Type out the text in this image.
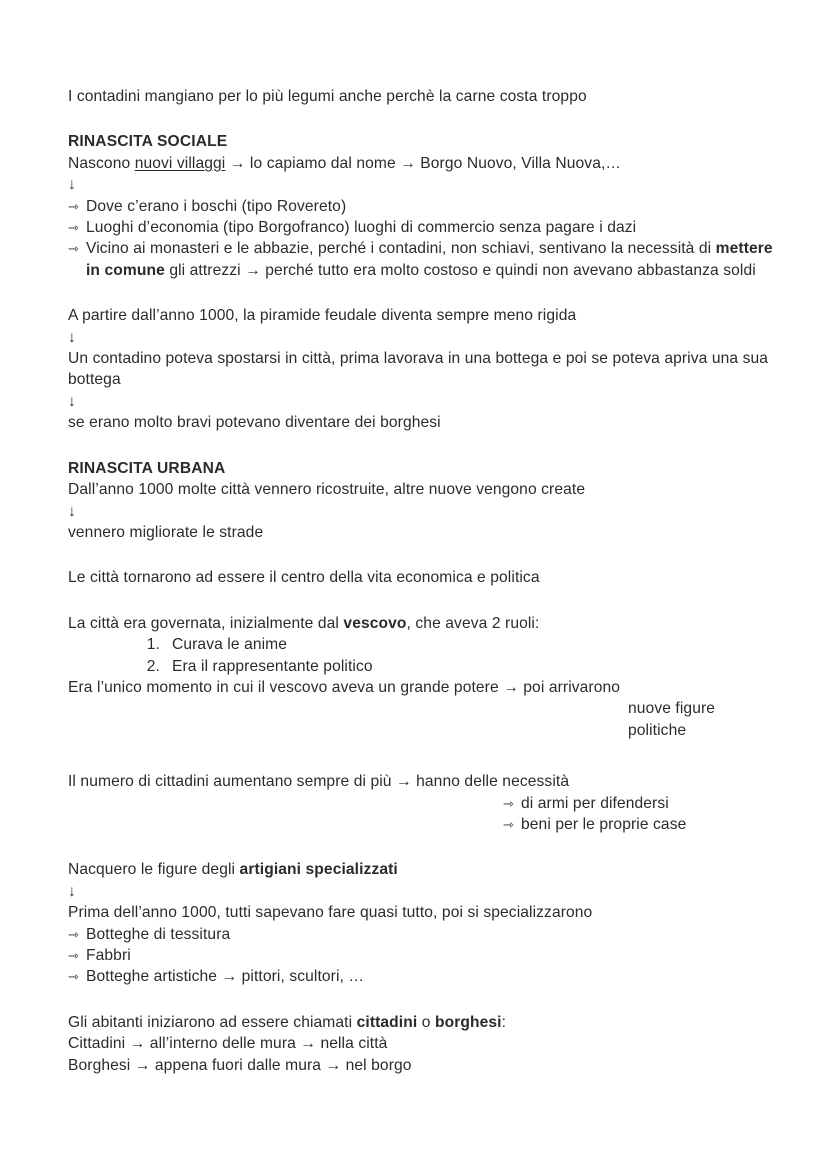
I contadini mangiano per lo più legumi anche perchè la carne costa troppo

RINASCITA SOCIALE

Nascono nuovi villaggi → lo capiamo dal nome → Borgo Nuovo, Villa Nuova,…

↓

⇾ Dove c’erano i boschi (tipo Rovereto)
⇾ Luoghi d’economia (tipo Borgofranco) luoghi di commercio senza pagare i dazi
⇾ Vicino ai monasteri e le abbazie, perché i contadini, non schiavi, sentivano la necessità di mettere in comune gli attrezzi → perché tutto era molto costoso e quindi non avevano abbastanza soldi

A partire dall’anno 1000, la piramide feudale diventa sempre meno rigida

↓

Un contadino poteva spostarsi in città, prima lavorava in una bottega e poi se poteva apriva una sua bottega

↓

se erano molto bravi potevano diventare dei borghesi

RINASCITA URBANA

Dall’anno 1000 molte città vennero ricostruite, altre nuove vengono create

↓

vennero migliorate le strade

Le città tornarono ad essere il centro della vita economica e politica

La città era governata, inizialmente dal vescovo, che aveva 2 ruoli:

1. Curava le anime
2. Era il rappresentante politico

Era l’unico momento in cui il vescovo aveva un grande potere → poi arrivarono

nuove figure

politiche

Il numero di cittadini aumentano sempre di più → hanno delle necessità

⇾ di armi per difendersi
⇾ beni per le proprie case

Nacquero le figure degli artigiani specializzati

↓

Prima dell’anno 1000, tutti sapevano fare quasi tutto, poi si specializzarono

⇾ Botteghe di tessitura
⇾ Fabbri
⇾ Botteghe artistiche → pittori, scultori, …

Gli abitanti iniziarono ad essere chiamati cittadini o borghesi:

Cittadini → all’interno delle mura → nella città

Borghesi → appena fuori dalle mura → nel borgo
